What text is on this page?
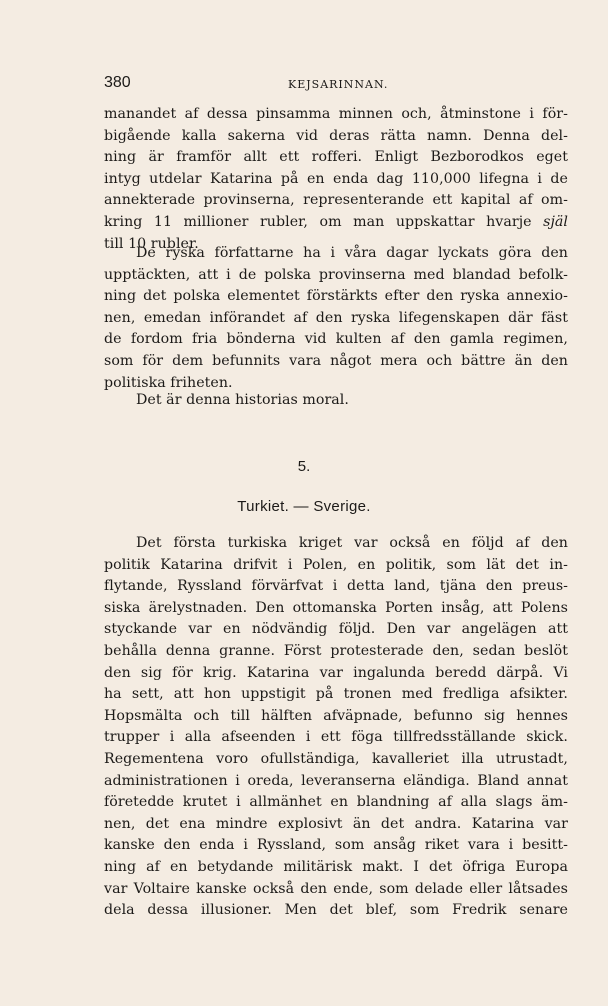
380	KEJSARINNAN.
manandet af dessa pinsamma minnen och, åtminstone i för-
bigående kalla sakerna vid deras rätta namn. Denna del-
ning är framför allt ett rofferi. Enligt Bezborodkos eget
intyg utdelar Katarina på en enda dag 110,000 lifegna i de
annekterade provinserna, representerande ett kapital af om-
kring 11 millioner rubler, om man uppskattar hvarje själ
till 10 rubler.
De ryska författarne ha i våra dagar lyckats göra den
upptäckten, att i de polska provinserna med blandad befolk-
ning det polska elementet förstärkts efter den ryska annexio-
nen, emedan införandet af den ryska lifegenskapen där fäst
de fordom fria bönderna vid kulten af den gamla regimen,
som för dem befunnits vara något mera och bättre än den
politiska friheten.
Det är denna historias moral.
5.
Turkiet. — Sverige.
Det första turkiska kriget var också en följd af den
politik Katarina drifvit i Polen, en politik, som lät det in-
flytande, Ryssland förvärfvat i detta land, tjäna den preus-
siska ärelystnaden. Den ottomanska Porten insåg, att Polens
styckande var en nödvändig följd. Den var angelägen att
behålla denna granne. Först protesterade den, sedan beslöt
den sig för krig. Katarina var ingalunda beredd därpå. Vi
ha sett, att hon uppstigit på tronen med fredliga afsikter.
Hopsmälta och till hälften afväpnade, befunno sig hennes
trupper i alla afseenden i ett föga tillfredsställande skick.
Regementena voro ofullständiga, kavalleriet illa utrustadt,
administrationen i oreda, leveranserna eländiga. Bland annat
företedde krutet i allmänhet en blandning af alla slags äm-
nen, det ena mindre explosivt än det andra. Katarina var
kanske den enda i Ryssland, som ansåg riket vara i besitt-
ning af en betydande militärisk makt. I det öfriga Europa
var Voltaire kanske också den ende, som delade eller låtsades
dela dessa illusioner. Men det blef, som Fredrik senare
